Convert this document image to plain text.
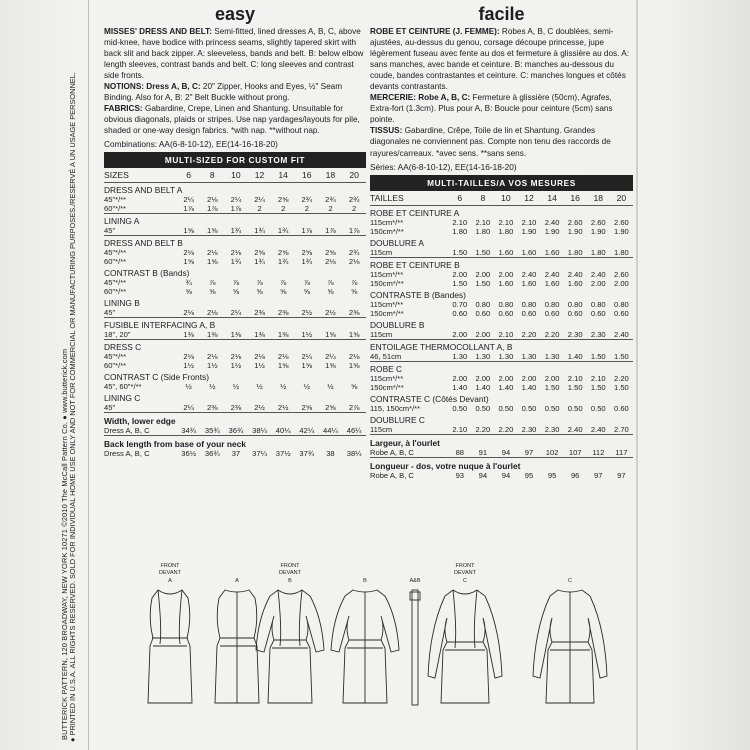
BUTTERICK PATTERN, 120 BROADWAY, NEW YORK 10271 ©2010 The McCall Pattern Co. ● www.butterick.com ● PRINTED IN U.S.A. ALL RIGHTS RESERVED. SOLD FOR INDIVIDUAL HOME USE ONLY AND NOT FOR COMMERCIAL OR MANUFACTURING PURPOSES./RESERVÉ A UN USAGE PERSONNEL.
easy

MISSES' DRESS AND BELT: Semi-fitted, lined dresses A, B, C, above mid-knee, have bodice with princess seams, slightly tapered skirt with back slit and back zipper. A: sleeveless, bands and belt. B: below elbow length sleeves, contrast bands and belt. C: long sleeves and contrast side fronts.

NOTIONS: Dress A, B, C: 20" Zipper, Hooks and Eyes, ½" Seam Binding. Also for A, B: 2" Belt Buckle without prong.

FABRICS: Gabardine, Crepe, Linen and Shantung. Unsuitable for obvious diagonals, plaids or stripes. Use nap yardages/layouts for pile, shaded or one-way design fabrics. *with nap. **without nap.

Combinations: AA(6-8-10-12), EE(14-16-18-20)
MULTI-SIZED FOR CUSTOM FIT
SIZES	6	8	10	12	14	16	18	20
DRESS AND BELT A								
45"*/**	2¼	2⅛	2¼	2¼	2⅝	2¾	2¾	2¾
60"*/**	1⅞	1⅞	1⅞	2	2	2	2	2
LINING A								
45"	1⅝	1⅝	1¾	1¾	1¾	1⅞	1⅞	1⅞
DRESS AND BELT B								
45"*/**	2⅛	2⅛	2⅛	2⅝	2⅝	2⅝	2⅝	2¾
60"*/**	1⅝	1⅝	1¾	1¾	1¾	1¾	2⅛	2⅛
CONTRAST B (Bands)								
45"*/**	¾	⅞	⅞	⅞	⅞	⅞	⅞	⅞
60"*/**	⅝	⅝	⅝	⅝	⅝	⅝	⅝	⅝
LINING B								
45"	2⅛	2⅛	2¼	2⅜	2⅜	2½	2½	2⅜
FUSIBLE INTERFACING A, B								
18", 20"	1⅜	1⅜	1⅜	1⅜	1⅜	1½	1⅝	1⅝
DRESS C								
45"*/**	2⅛	2⅛	2⅛	2⅛	2⅛	2¼	2¼	2⅛
60"*/**	1½	1½	1½	1½	1⅝	1⅝	1⅝	1⅝
CONTRAST C (Side Fronts)								
45", 60"*/**	½	½	½	½	½	½	½	⅝
LINING C								
45"	2¼	2⅜	2⅜	2½	2½	2⅝	2⅝	2⅞
Width, lower edge								
Dress A, B, C	34¾	35¾	36¾	38¼	40¼	42¼	44¼	46¼
Back length from base of your neck								
Dress A, B, C	36½	36¾	37	37¼	37½	37¾	38	38¼
facile

ROBE ET CEINTURE (J. FEMME): Robes A, B, C doublées, semi-ajustées, au-dessus du genou, corsage découpe princesse, jupe légèrement fuseau avec fente au dos et fermeture à glissière au dos. A: sans manches, avec bande et ceinture. B: manches au-dessous du coude, bandes contrastantes et ceinture. C: manches longues et côtés devants contrastants.

MERCERIE: Robe A, B, C: Fermeture à glissière (50cm), Agrafes, Extra-fort (1.3cm). Plus pour A, B: Boucle pour ceinture (5cm) sans pointe.

TISSUS: Gabardine, Crêpe, Toile de lin et Shantung. Grandes diagonales ne conviennent pas. Compte non tenu des raccords de rayures/carreaux. *avec sens. **sans sens.

Séries: AA(6-8-10-12), EE(14-16-18-20)
MULTI-TAILLES/A VOS MESURES
TAILLES	6	8	10	12	14	16	18	20
ROBE ET CEINTURE A								
115cm*/**	2.10	2.10	2.10	2.10	2.40	2.60	2.60	2.60
150cm*/**	1.80	1.80	1.80	1.90	1.90	1.90	1.90	1.90
DOUBLURE A								
115cm	1.50	1.50	1.60	1.60	1.60	1.80	1.80	1.80
ROBE ET CEINTURE B								
115cm*/**	2.00	2.00	2.00	2.40	2.40	2.40	2.40	2.60
150cm*/**	1.50	1.50	1.60	1.60	1.60	1.60	2.00	2.00
CONTRASTE B (Bandes)								
115cm*/**	0.70	0.80	0.80	0.80	0.80	0.80	0.80	0.80
150cm*/**	0.60	0.60	0.60	0.60	0.60	0.60	0.60	0.60
DOUBLURE B								
115cm	2.00	2.00	2.10	2.20	2.20	2.30	2.30	2.40
ENTOILAGE THERMOCOLLANT A, B								
46, 51cm	1.30	1.30	1.30	1.30	1.30	1.40	1.50	1.50
ROBE C								
115cm*/**	2.00	2.00	2.00	2.00	2.00	2.10	2.10	2.20
150cm*/**	1.40	1.40	1.40	1.40	1.50	1.50	1.50	1.50
CONTRASTE C (Côtés Devant)								
115, 150cm*/**	0.50	0.50	0.50	0.50	0.50	0.50	0.50	0.60
DOUBLURE C								
115cm	2.10	2.20	2.20	2.30	2.30	2.40	2.40	2.70
Largeur, à l'ourlet								
Robe A, B, C	88	91	94	97	102	107	112	117
Longueur - dos, votre nuque à l'ourlet								
Robe A, B, C	93	94	94	95	95	96	97	97
FRONT
DEVANT
A	A
FRONT
DEVANT
B	B	A&B
FRONT
DEVANT
C	C
